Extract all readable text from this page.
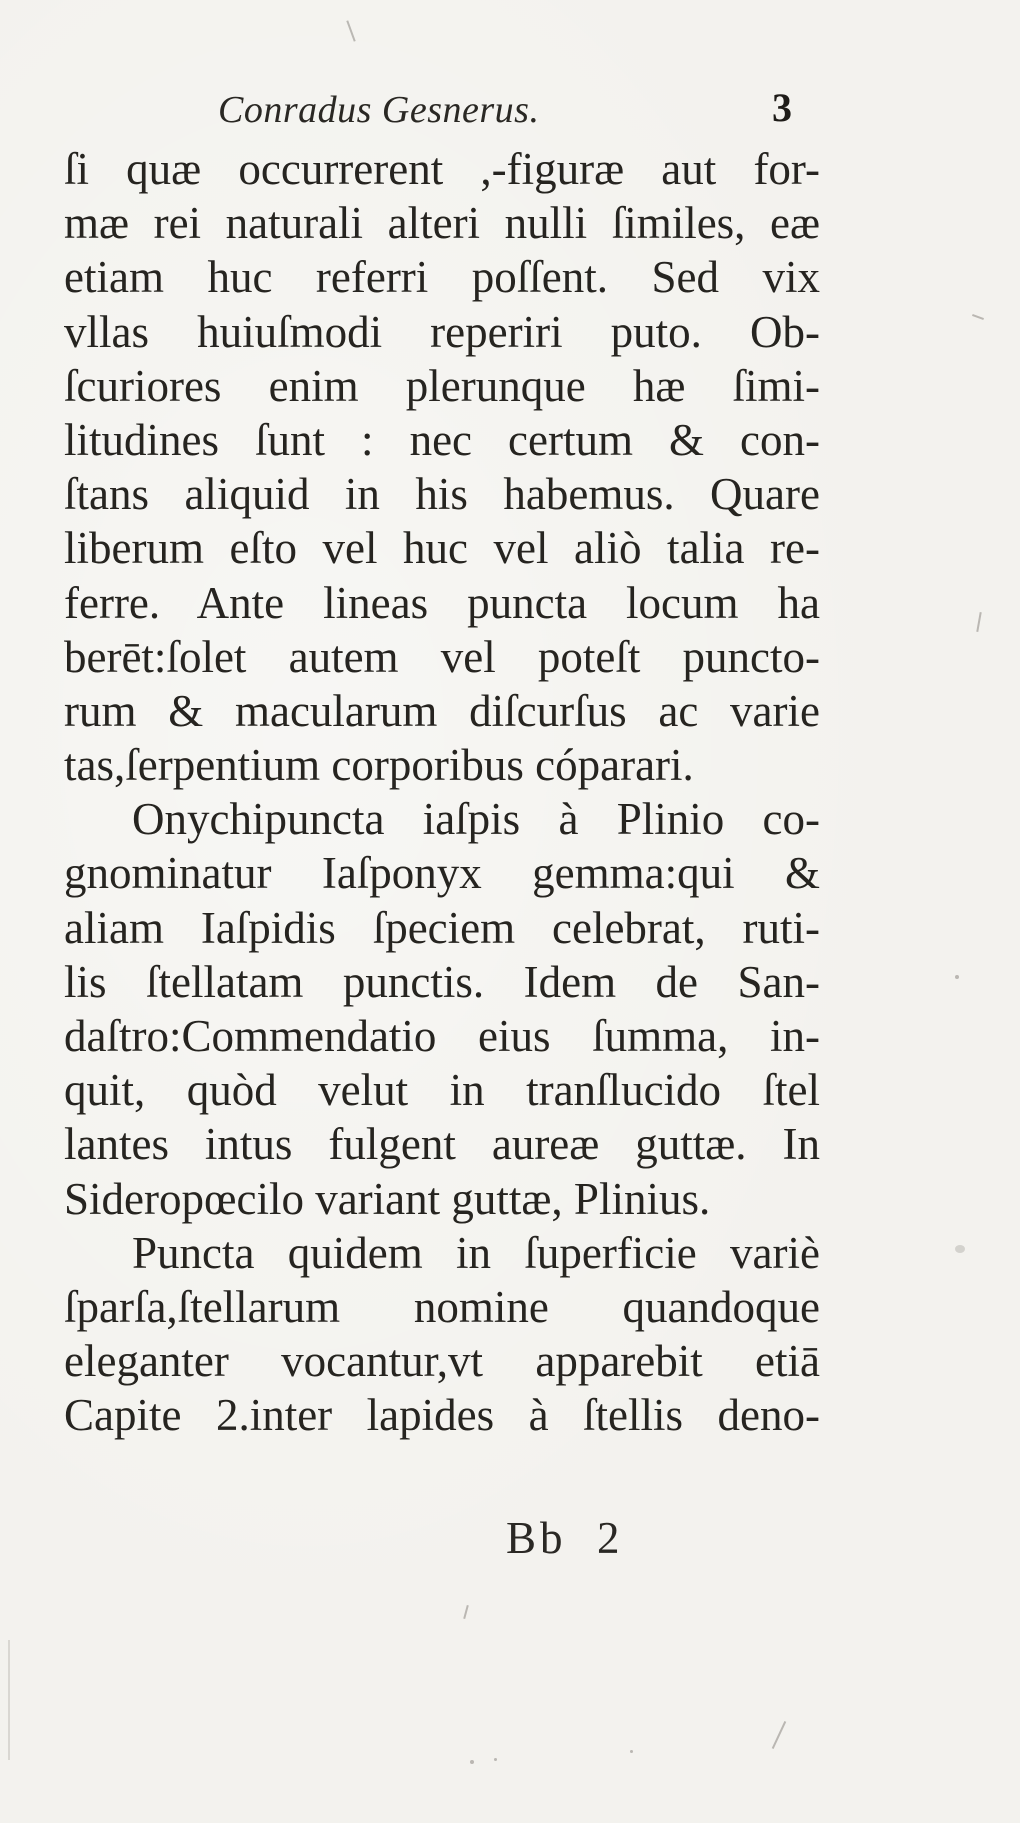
Conradus Gesnerus.	3
ſi quæ occurrerent ,-figuræ aut for-
mæ rei naturali alteri nulli ſimiles, eæ
etiam huc referri poſſent. Sed vix
vllas huiuſmodi reperiri puto. Ob-
ſcuriores enim plerunque hæ ſimi-
litudines ſunt : nec certum & con-
ſtans aliquid in his habemus. Quare
liberum eſto vel huc vel aliò talia re-
ferre. Ante lineas puncta locum ha
berēt:ſolet autem vel poteſt puncto-
rum & macularum diſcurſus ac varie
tas,ſerpentium corporibus cóparari.
Onychipuncta iaſpis à Plinio co-
gnominatur Iaſponyx gemma:qui &
aliam Iaſpidis ſpeciem celebrat, ruti-
lis ſtellatam punctis. Idem de San-
daſtro:Commendatio eius ſumma, in-
quit, quòd velut in tranſlucido ſtel
lantes intus fulgent aureæ guttæ. In
Sideropœcilo variant guttæ, Plinius.
Puncta quidem in ſuperficie variè
ſparſa,ſtellarum nomine quandoque
eleganter vocantur,vt apparebit etiā
Capite 2.inter lapides à ſtellis deno-
Bb  2
